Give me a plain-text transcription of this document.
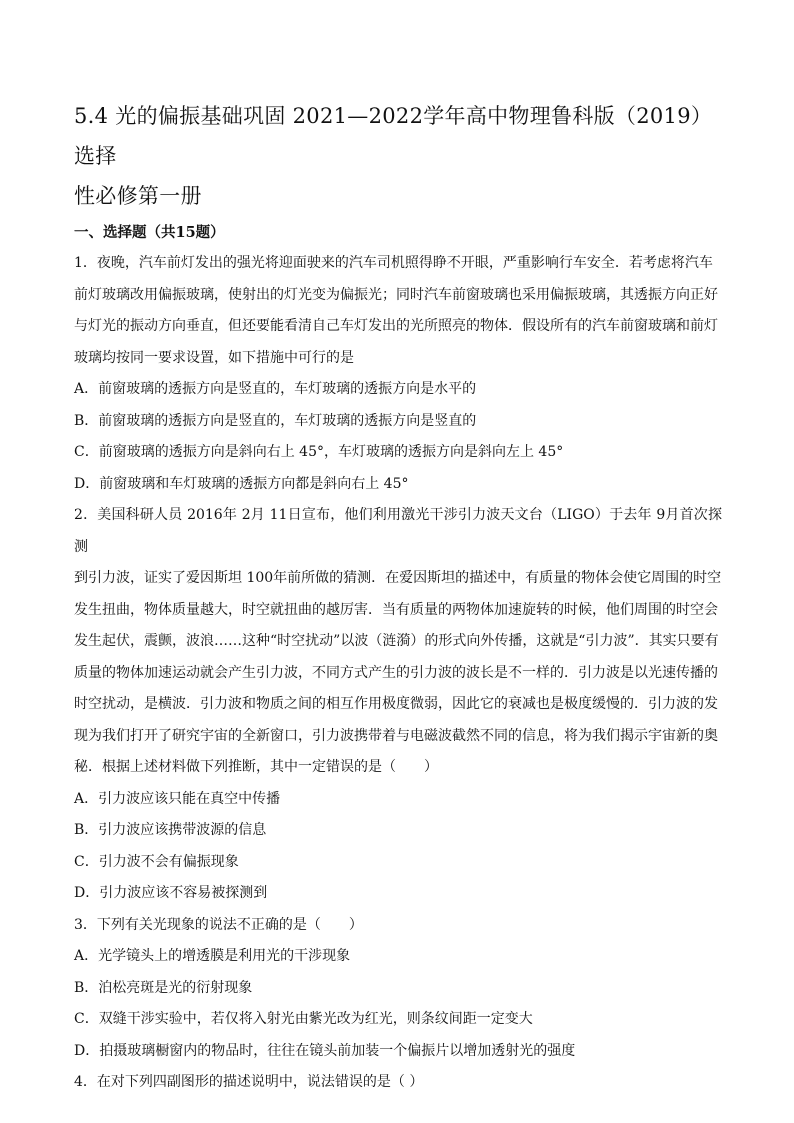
5.4 光的偏振基础巩固 2021—2022学年高中物理鲁科版（2019）选择
性必修第一册

一、选择题（共15题）

1．夜晚，汽车前灯发出的强光将迎面驶来的汽车司机照得睁不开眼，严重影响行车安全．若考虑将汽车

前灯玻璃改用偏振玻璃，使射出的灯光变为偏振光；同时汽车前窗玻璃也采用偏振玻璃，其透振方向正好

与灯光的振动方向垂直，但还要能看清自己车灯发出的光所照亮的物体．假设所有的汽车前窗玻璃和前灯

玻璃均按同一要求设置，如下措施中可行的是

A．前窗玻璃的透振方向是竖直的，车灯玻璃的透振方向是水平的

B．前窗玻璃的透振方向是竖直的，车灯玻璃的透振方向是竖直的

C．前窗玻璃的透振方向是斜向右上 45°，车灯玻璃的透振方向是斜向左上 45°

D．前窗玻璃和车灯玻璃的透振方向都是斜向右上 45°

2．美国科研人员 2016年 2月 11日宣布，他们利用激光干涉引力波天文台（LIGO）于去年 9月首次探测

到引力波，证实了爱因斯坦 100年前所做的猜测．在爱因斯坦的描述中，有质量的物体会使它周围的时空

发生扭曲，物体质量越大，时空就扭曲的越厉害．当有质量的两物体加速旋转的时候，他们周围的时空会

发生起伏，震颤，波浪……这种“时空扰动”以波（涟漪）的形式向外传播，这就是“引力波”．其实只要有

质量的物体加速运动就会产生引力波，不同方式产生的引力波的波长是不一样的．引力波是以光速传播的

时空扰动，是横波．引力波和物质之间的相互作用极度微弱，因此它的衰减也是极度缓慢的．引力波的发

现为我们打开了研究宇宙的全新窗口，引力波携带着与电磁波截然不同的信息，将为我们揭示宇宙新的奥

秘．根据上述材料做下列推断，其中一定错误的是（　　）

A．引力波应该只能在真空中传播

B．引力波应该携带波源的信息

C．引力波不会有偏振现象

D．引力波应该不容易被探测到

3．下列有关光现象的说法不正确的是（　　）

A．光学镜头上的增透膜是利用光的干涉现象

B．泊松亮斑是光的衍射现象

C．双缝干涉实验中，若仅将入射光由紫光改为红光，则条纹间距一定变大

D．拍摄玻璃橱窗内的物品时，往往在镜头前加装一个偏振片以增加透射光的强度

4．在对下列四副图形的描述说明中，说法错误的是（ ）
